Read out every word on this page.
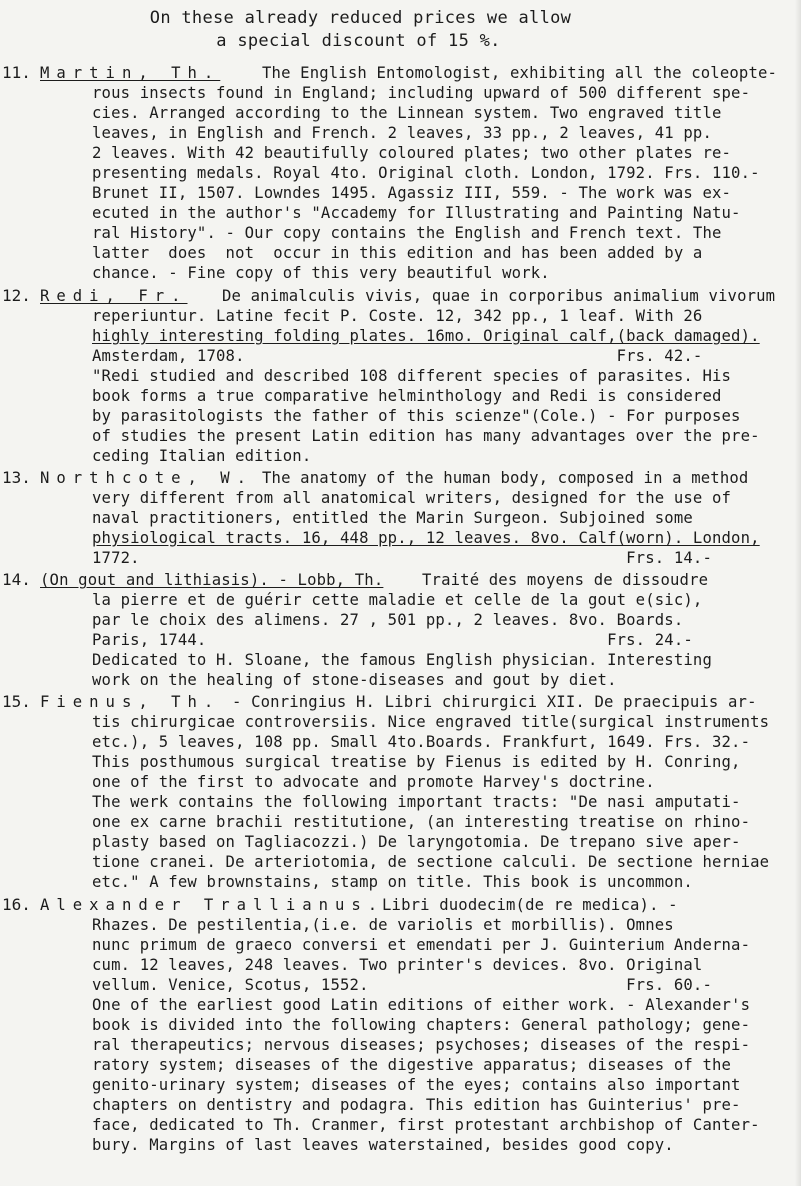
On these already reduced prices we allow
a special discount of 15 %.
11. Martin, Th.	The English Entomologist, exhibiting all the coleopte-
rous insects found in England; including upward of 500 different spe-
cies. Arranged according to the Linnean system. Two engraved title
leaves, in English and French. 2 leaves, 33 pp., 2 leaves, 41 pp.
2 leaves. With 42 beautifully coloured plates; two other plates re-
presenting medals. Royal 4to. Original cloth. London, 1792. Frs. 110.-
Brunet II, 1507. Lowndes 1495. Agassiz III, 559. - The work was ex-
ecuted in the author's "Accademy for Illustrating and Painting Natu-
ral History". - Our copy contains the English and French text. The
latter  does  not  occur in this edition and has been added by a
chance. - Fine copy of this very beautiful work.
12. Redi, Fr. De animalculis vivis, quae in corporibus animalium vivorum
reperiuntur. Latine fecit P. Coste. 12, 342 pp., 1 leaf. With 26
highly interesting folding plates. 16mo. Original calf,(back damaged).
Amsterdam, 1708.                                       Frs. 42.-
"Redi studied and described 108 different species of parasites. His
book forms a true comparative helminthology and Redi is considered
by parasitologists the father of this scienze"(Cole.) - For purposes
of studies the present Latin edition has many advantages over the pre-
ceding Italian edition.
13. Northcote, W. The anatomy of the human body, composed in a method
very different from all anatomical writers, designed for the use of
naval practitioners, entitled the Marin Surgeon. Subjoined some
physiological tracts. 16, 448 pp., 12 leaves. 8vo. Calf(worn). London,
1772.                                                   Frs. 14.-
14. (On gout and lithiasis). - Lobb, Th. Traité des moyens de dissoudre
la pierre et de guérir cette maladie et celle de la gout e(sic),
par le choix des alimens. 27 , 501 pp., 2 leaves. 8vo. Boards.
Paris, 1744.                                          Frs. 24.-
Dedicated to H. Sloane, the famous English physician. Interesting
work on the healing of stone-diseases and gout by diet.
15. Fienus, Th. - Conringius H. Libri chirurgici XII. De praecipuis ar-
tis chirurgicae controversiis. Nice engraved title(surgical instruments
etc.), 5 leaves, 108 pp. Small 4to.Boards. Frankfurt, 1649. Frs. 32.-
This posthumous surgical treatise by Fienus is edited by H. Conring,
one of the first to advocate and promote Harvey's doctrine.
The werk contains the following important tracts: "De nasi amputati-
one ex carne brachii restitutione, (an interesting treatise on rhino-
plasty based on Tagliacozzi.) De laryngotomia. De trepano sive aper-
tione cranei. De arteriotomia, de sectione calculi. De sectione herniae
etc." A few brownstains, stamp on title. This book is uncommon.
16. Alexander Trallianus.
Libri duodecim(de re medica). -
Rhazes. De pestilentia,(i.e. de variolis et morbillis). Omnes
nunc primum de graeco conversi et emendati per J. Guinterium Anderna-
cum. 12 leaves, 248 leaves. Two printer's devices. 8vo. Original
vellum. Venice, Scotus, 1552.                           Frs. 60.-
One of the earliest good Latin editions of either work. - Alexander's
book is divided into the following chapters: General pathology; gene-
ral therapeutics; nervous diseases; psychoses; diseases of the respi-
ratory system; diseases of the digestive apparatus; diseases of the
genito-urinary system; diseases of the eyes; contains also important
chapters on dentistry and podagra. This edition has Guinterius' pre-
face, dedicated to Th. Cranmer, first protestant archbishop of Canter-
bury. Margins of last leaves waterstained, besides good copy.
